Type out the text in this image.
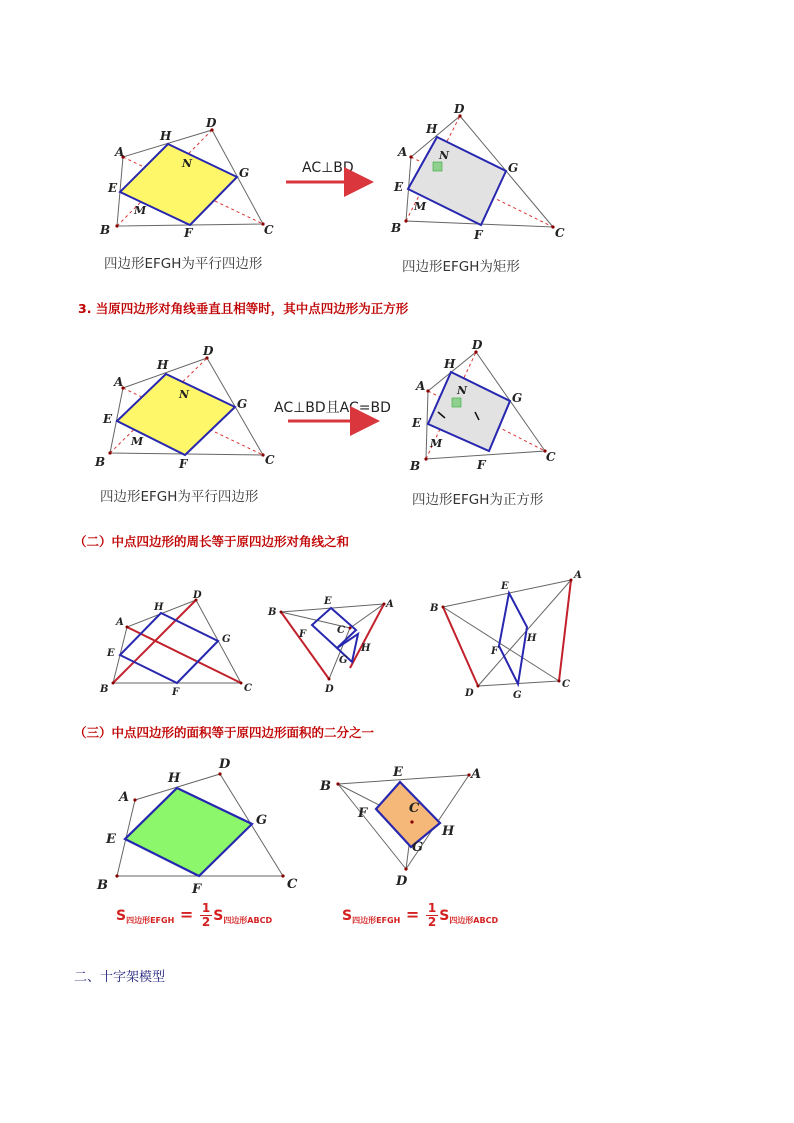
AC⊥BD
四边形EFGH为平行四边形	四边形EFGH为矩形
3. 当原四边形对角线垂直且相等时，其中点四边形为正方形
AC⊥BD且AC=BD
四边形EFGH为平行四边形	四边形EFGH为正方形
（二）中点四边形的周长等于原四边形对角线之和
（三）中点四边形的面积等于原四边形面积的二分之一
$S_{四边形EFGH} = \frac{1}{2} S_{四边形ABCD}$	$S_{四边形EFGH} = \frac{1}{2} S_{四边形ABCD}$
二、十字架模型
A
D
C
B
H
G
F
E
N
M
A
D
C
B
H
G
F
E
N
M
A
D
C
B
H
G
F
E
N
M
A
D
C
B
H
G
F
E
N
M
A
D
C
B
H
G
F
E
B
A
D
C
E
F
G
H
B
A
C
D
E
F
G
H
A
D
C
B
H
G
F
E
B
A
D
C
E
F
G
H
